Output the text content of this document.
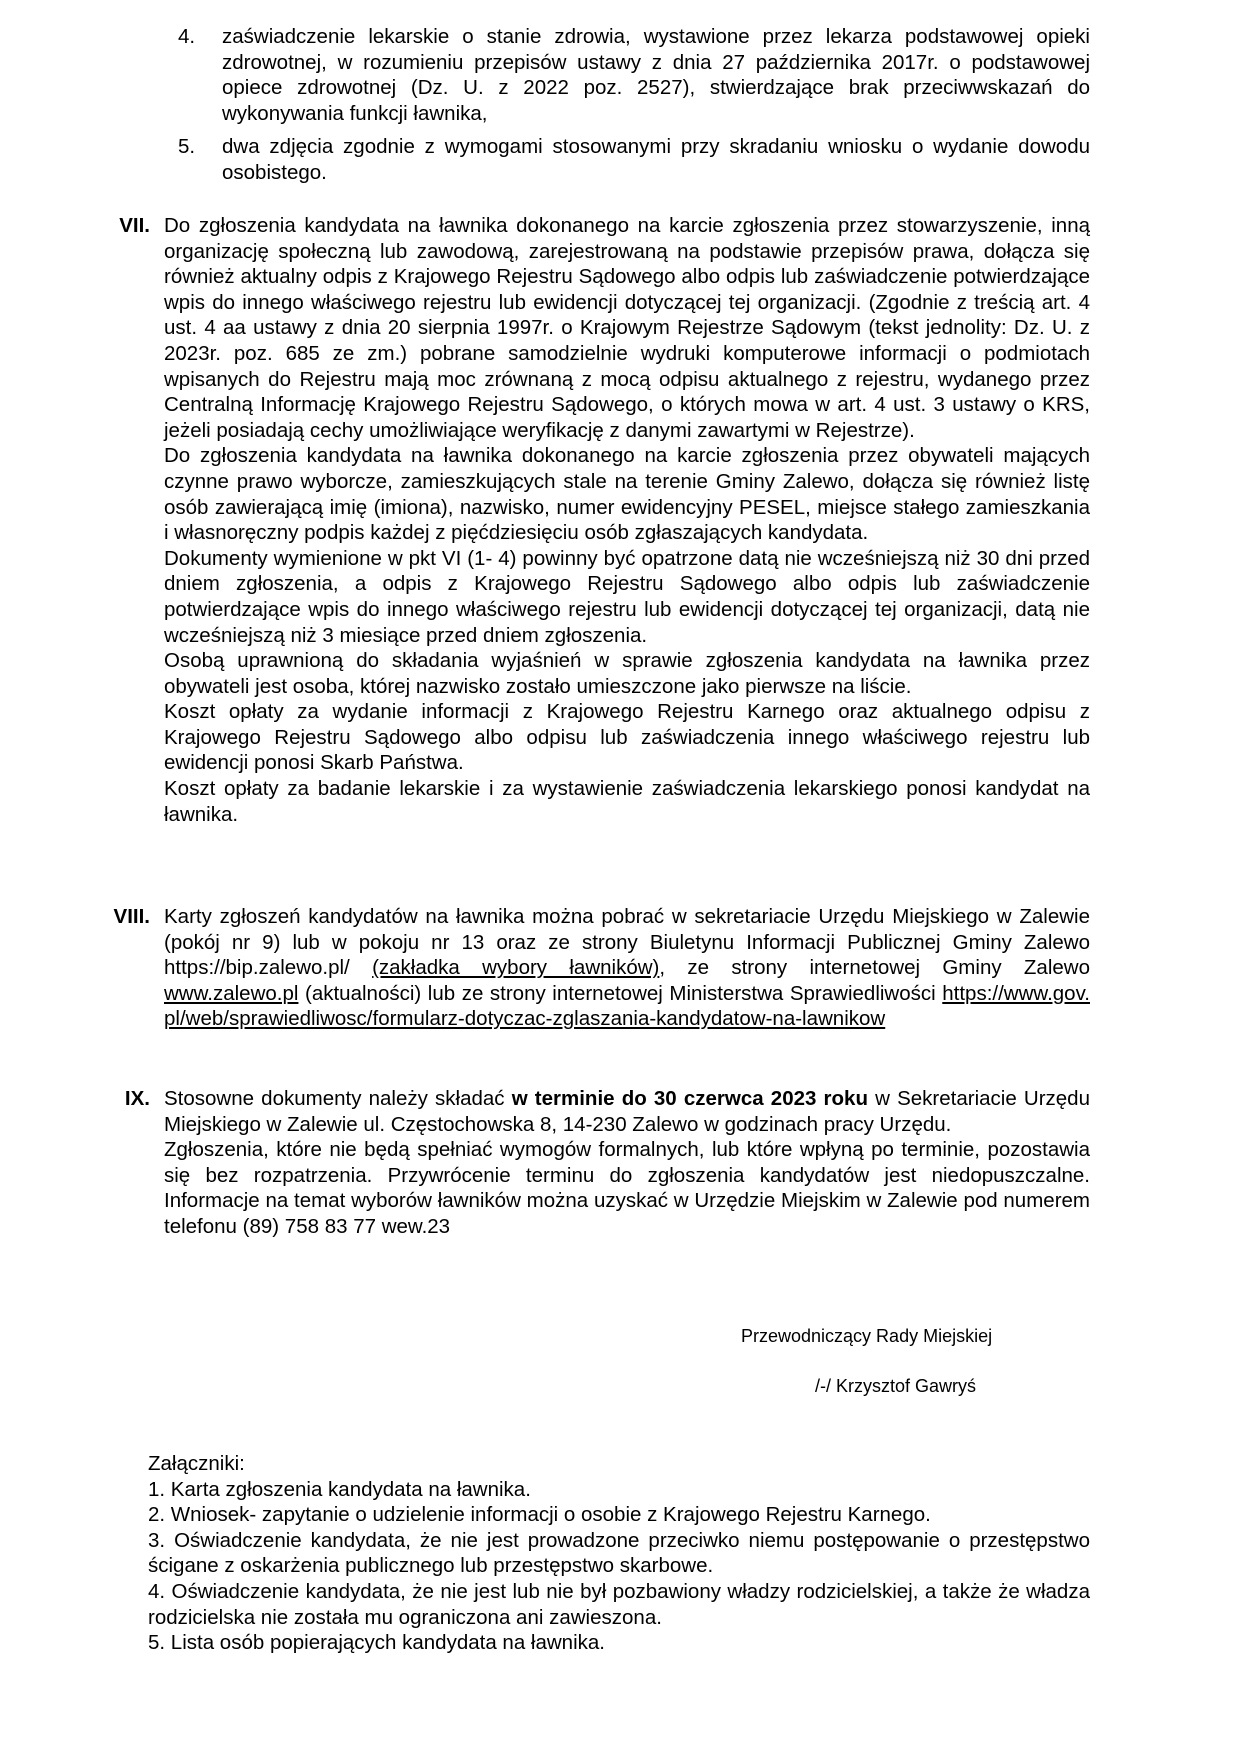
4. zaświadczenie lekarskie o stanie zdrowia, wystawione przez lekarza podstawowej opieki zdrowotnej, w rozumieniu przepisów ustawy z dnia 27 października 2017r. o podstawowej opiece zdrowotnej (Dz. U. z 2022 poz. 2527), stwierdzające brak przeciwwskazań do wykonywania funkcji ławnika,
5. dwa zdjęcia zgodnie z wymogami stosowanymi przy skradaniu wniosku o wydanie dowodu osobistego.
VII. Do zgłoszenia kandydata na ławnika dokonanego na karcie zgłoszenia przez stowarzyszenie, inną organizację społeczną lub zawodową, zarejestrowaną na podstawie przepisów prawa, dołącza się również aktualny odpis z Krajowego Rejestru Sądowego albo odpis lub zaświadczenie potwierdzające wpis do innego właściwego rejestru lub ewidencji dotyczącej tej organizacji. (Zgodnie z treścią art. 4 ust. 4 aa ustawy z dnia 20 sierpnia 1997r. o Krajowym Rejestrze Sądowym (tekst jednolity: Dz. U. z 2023r. poz. 685 ze zm.) pobrane samodzielnie wydruki komputerowe informacji o podmiotach wpisanych do Rejestru mają moc zrównaną z mocą odpisu aktualnego z rejestru, wydanego przez Centralną Informację Krajowego Rejestru Sądowego, o których mowa w art. 4 ust. 3 ustawy o KRS, jeżeli posiadają cechy umożliwiające weryfikację z danymi zawartymi w Rejestrze).

Do zgłoszenia kandydata na ławnika dokonanego na karcie zgłoszenia przez obywateli mających czynne prawo wyborcze, zamieszkujących stale na terenie Gminy Zalewo, dołącza się również listę osób zawierającą imię (imiona), nazwisko, numer ewidencyjny PESEL, miejsce stałego zamieszkania i własnoręczny podpis każdej z pięćdziesięciu osób zgłaszających kandydata.

Dokumenty wymienione w pkt VI (1- 4) powinny być opatrzone datą nie wcześniejszą niż 30 dni przed dniem zgłoszenia, a odpis z Krajowego Rejestru Sądowego albo odpis lub zaświadczenie potwierdzające wpis do innego właściwego rejestru lub ewidencji dotyczącej tej organizacji, datą nie wcześniejszą niż 3 miesiące przed dniem zgłoszenia.

Osobą uprawnioną do składania wyjaśnień w sprawie zgłoszenia kandydata na ławnika przez obywateli jest osoba, której nazwisko zostało umieszczone jako pierwsze na liście.

Koszt opłaty za wydanie informacji z Krajowego Rejestru Karnego oraz aktualnego odpisu z Krajowego Rejestru Sądowego albo odpisu lub zaświadczenia innego właściwego rejestru lub ewidencji ponosi Skarb Państwa.

Koszt opłaty za badanie lekarskie i za wystawienie zaświadczenia lekarskiego ponosi kandydat na ławnika.

VIII. Karty zgłoszeń kandydatów na ławnika można pobrać w sekretariacie Urzędu Miejskiego w Zalewie (pokój nr 9) lub w pokoju nr 13 oraz ze strony Biuletynu Informacji Publicznej Gminy Zalewo https://bip.zalewo.pl/ (zakładka wybory ławników), ze strony internetowej Gminy Zalewo www.zalewo.pl (aktualności) lub ze strony internetowej Ministerstwa Sprawiedliwości https://www.gov.pl/web/sprawiedliwosc/formularz-dotyczac-zglaszania-kandydatow-na-lawnikow
IX. Stosowne dokumenty należy składać w terminie do 30 czerwca 2023 roku w Sekretariacie Urzędu Miejskiego w Zalewie ul. Częstochowska 8, 14-230 Zalewo w godzinach pracy Urzędu.

Zgłoszenia, które nie będą spełniać wymogów formalnych, lub które wpłyną po terminie, pozostawia się bez rozpatrzenia. Przywrócenie terminu do zgłoszenia kandydatów jest niedopuszczalne. Informacje na temat wyborów ławników można uzyskać w Urzędzie Miejskim w Zalewie pod numerem telefonu (89) 758 83 77 wew.23

Przewodniczący Rady Miejskiej
/-/ Krzysztof Gawryś

Załączniki:

1. Karta zgłoszenia kandydata na ławnika.

2. Wniosek- zapytanie o udzielenie informacji o osobie z Krajowego Rejestru Karnego.

3. Oświadczenie kandydata, że nie jest prowadzone przeciwko niemu postępowanie o przestępstwo ścigane z oskarżenia publicznego lub przestępstwo skarbowe.

4. Oświadczenie kandydata, że nie jest lub nie był pozbawiony władzy rodzicielskiej, a także że władza rodzicielska nie została mu ograniczona ani zawieszona.

5. Lista osób popierających kandydata na ławnika.
